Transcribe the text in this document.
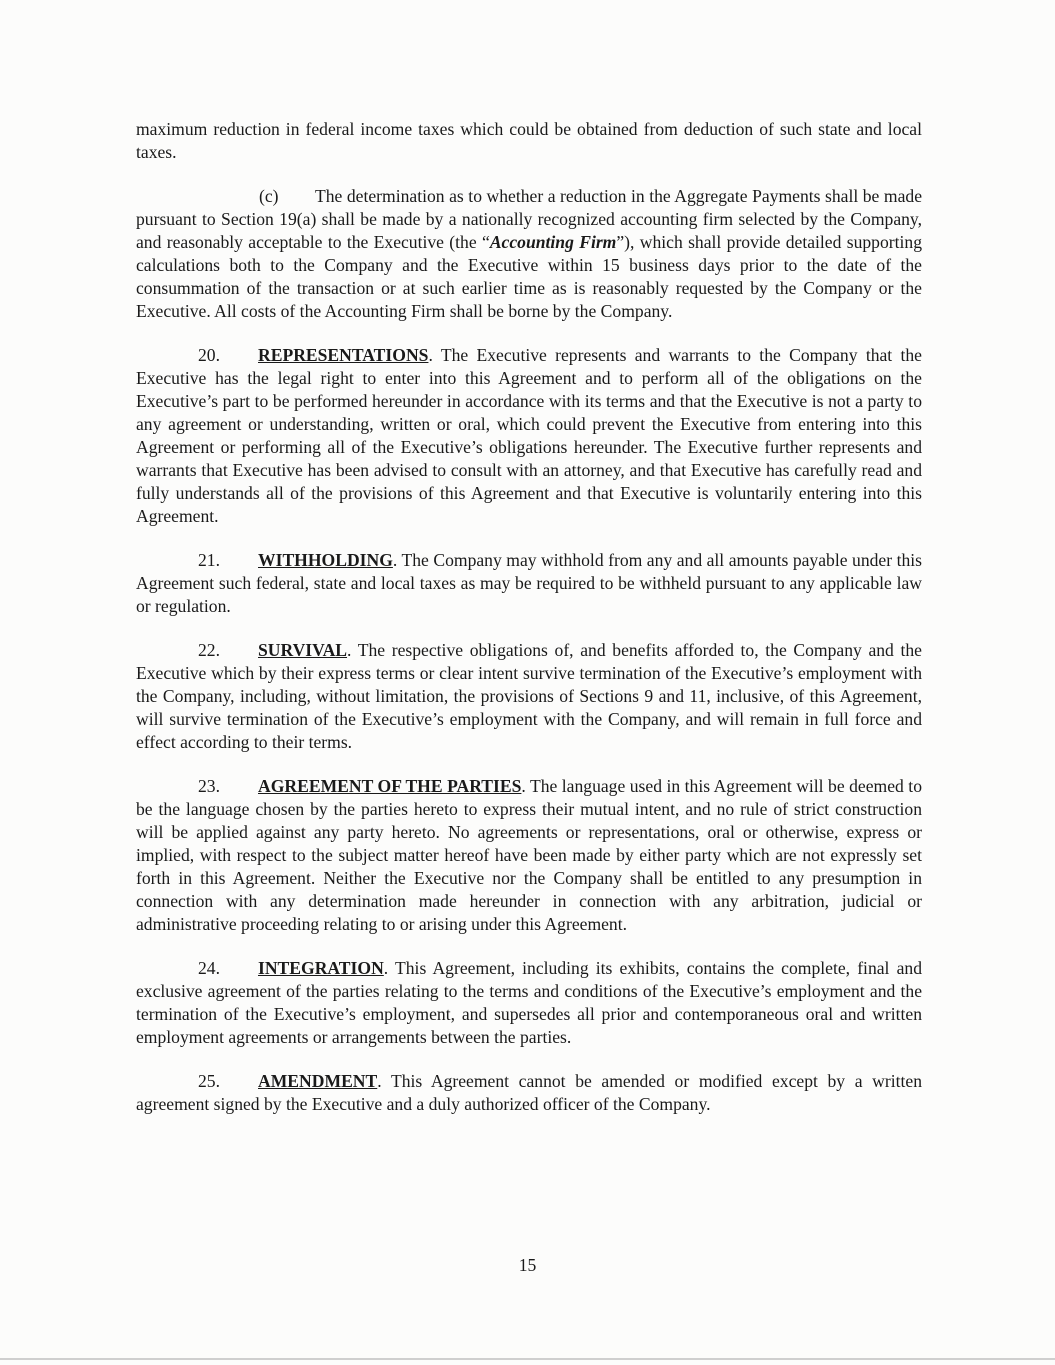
maximum reduction in federal income taxes which could be obtained from deduction of such state and local taxes.

(c) The determination as to whether a reduction in the Aggregate Payments shall be made pursuant to Section 19(a) shall be made by a nationally recognized accounting firm selected by the Company, and reasonably acceptable to the Executive (the “Accounting Firm”), which shall provide detailed supporting calculations both to the Company and the Executive within 15 business days prior to the date of the consummation of the transaction or at such earlier time as is reasonably requested by the Company or the Executive. All costs of the Accounting Firm shall be borne by the Company.

20. REPRESENTATIONS. The Executive represents and warrants to the Company that the Executive has the legal right to enter into this Agreement and to perform all of the obligations on the Executive’s part to be performed hereunder in accordance with its terms and that the Executive is not a party to any agreement or understanding, written or oral, which could prevent the Executive from entering into this Agreement or performing all of the Executive’s obligations hereunder. The Executive further represents and warrants that Executive has been advised to consult with an attorney, and that Executive has carefully read and fully understands all of the provisions of this Agreement and that Executive is voluntarily entering into this Agreement.

21. WITHHOLDING. The Company may withhold from any and all amounts payable under this Agreement such federal, state and local taxes as may be required to be withheld pursuant to any applicable law or regulation.

22. SURVIVAL. The respective obligations of, and benefits afforded to, the Company and the Executive which by their express terms or clear intent survive termination of the Executive’s employment with the Company, including, without limitation, the provisions of Sections 9 and 11, inclusive, of this Agreement, will survive termination of the Executive’s employment with the Company, and will remain in full force and effect according to their terms.

23. AGREEMENT OF THE PARTIES. The language used in this Agreement will be deemed to be the language chosen by the parties hereto to express their mutual intent, and no rule of strict construction will be applied against any party hereto. No agreements or representations, oral or otherwise, express or implied, with respect to the subject matter hereof have been made by either party which are not expressly set forth in this Agreement. Neither the Executive nor the Company shall be entitled to any presumption in connection with any determination made hereunder in connection with any arbitration, judicial or administrative proceeding relating to or arising under this Agreement.

24. INTEGRATION. This Agreement, including its exhibits, contains the complete, final and exclusive agreement of the parties relating to the terms and conditions of the Executive’s employment and the termination of the Executive’s employment, and supersedes all prior and contemporaneous oral and written employment agreements or arrangements between the parties.

25. AMENDMENT. This Agreement cannot be amended or modified except by a written agreement signed by the Executive and a duly authorized officer of the Company.

15
